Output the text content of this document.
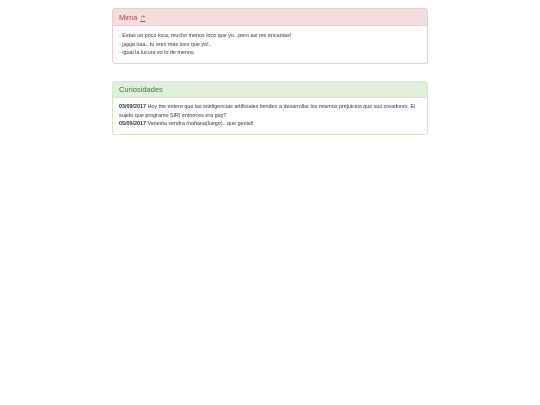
Mima :*
- Estas un poco loca, mucho menos loco que yo...pero asi me encantas!
- jajaja iraa.. tu eres mas loco que yo!..
- igual la lucura es lo de menos.
Curiosidades
03/09/2017 Hoy me entere que las inteligencias artificiales tienden a desarrollar los mismos prejuicios que sus creadores. El sujeto que programo SIRI entonces era gay?
05/09/2017 Vanesta vendra mañana(luego).. que genial!
